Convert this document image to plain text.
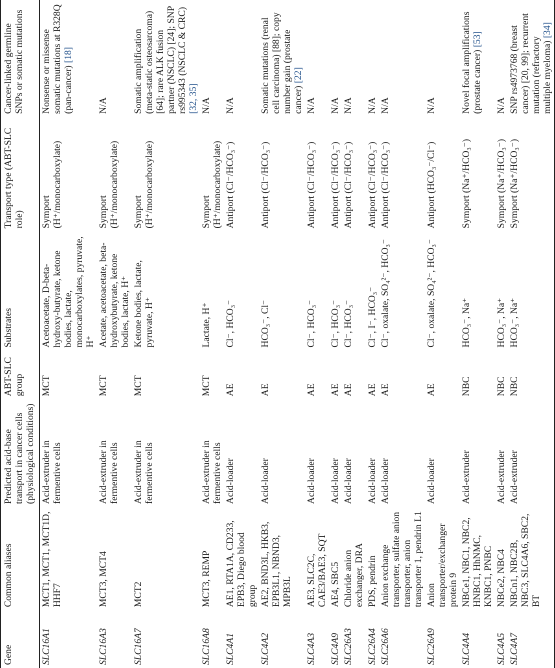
Gene	Common aliases	Predicted acid-base transport in cancer cells (physiological conditions)	ABT-SLC group	Substrates	Transport type (ABT-SLC role)	Cancer-linked germline SNPs or somatic mutations
SLC16A1	MCT1, MCT1, MCT1D, HHF7	Acid-extruder in fermentive cells	MCT	Acetoacetate, D-beta-hydroxy-butyrate, ketone bodies, lactate, monocarboxylates, pyruvate, H⁺	Symport (H⁺/monocarboxylate)	Nonsense or missense somatic mutations at R328Q (pan-cancer) [18]
SLC16A3	MCT3, MCT4	Acid-extruder in fermentive cells	MCT	Acetate, acetoacetate, beta-hydroxybutyrate, ketone bodies, lactate, H⁺	Symport (H⁺/monocarboxylate)	N/A
SLC16A7	MCT2	Acid-extruder in fermentive cells	MCT	Ketone bodies, lactate, pyruvate, H⁺	Symport (H⁺/monocarboxylate)	Somatic amplification (meta-static osteosarcoma) [64]; rare ALK fusion partner (NSCLC) [24]; SNP rs995343 (NSCLC & CRC) [32, 35]
SLC16A8	MCT3, REMP	Acid-extruder in fermentive cells	MCT	Lactate, H⁺	Symport (H⁺/monocarboxylate)	N/A
SLC4A1	AE1, RTA1A, CD233, EPB3, Diego blood group	Acid-loader	AE	Cl⁻, HCO₃⁻	Antiport (Cl⁻/HCO₃⁻)	N/A
SLC4A2	AE2, BND3L, HKB3, EPB3L1, NBND3, MPB3L	Acid-loader	AE	HCO₃⁻, Cl⁻	Antiport (Cl⁻/HCO₃⁻)	Somatic mutations (renal cell carcinoma) [88]; copy number gain (prostate cancer) [22]
SLC4A3	AE3, SLC2C, CAE3/BAE3, SQT	Acid-loader	AE	Cl⁻, HCO₃⁻	Antiport (Cl⁻/HCO₃⁻)	N/A
SLC4A9	AE4, SBC5	Acid-loader	AE	Cl⁻, HCO₃⁻	Antiport (Cl⁻/HCO₃⁻)	N/A
SLC26A3	Chloride anion exchanger, DRA	Acid-loader	AE	Cl⁻, HCO₃⁻	Antiport (Cl⁻/HCO₃⁻)	N/A
SLC26A4	PDS, pendrin	Acid-loader	AE	Cl⁻, I⁻, HCO₃⁻	Antiport (Cl⁻/HCO₃⁻)	N/A
SLC26A6	Anion exchange transporter, sulfate anion transporter, anion transporter 1, pendrin L1	Acid-loader	AE	Cl⁻, oxalate, SO₄²⁻, HCO₃⁻	Antiport (Cl⁻/HCO₃⁻)	N/A
SLC26A9	Anion transporter/exchanger protein 9	Acid-loader	AE	Cl⁻, oxalate, SO₄²⁻, HCO₃⁻	Antiport (HCO₃⁻/Cl⁻)	N/A
SLC4A4	NBCe1, NBC1, NBC2, HNBC1, HhNMC, KNBC1, PNBC	Acid-extruder	NBC	HCO₃⁻, Na⁺	Symport (Na⁺/HCO₃⁻)	Novel focal amplifications (prostate cancer) [53]
SLC4A5	NBCe2, NBC4	Acid-extruder	NBC	HCO₃⁻, Na⁺	Symport (Na⁺/HCO₃⁻)	N/A
SLC4A7	NBCn1, NBC2B, NBC3, SLC4A6, SBC2, BT	Acid-extruder	NBC	HCO₃⁻, Na⁺	Symport (Na⁺/HCO₃⁻)	SNP rs4973768 (breast cancer) [20, 99]; recurrent mutation (refractory multiple myeloma) [34]
